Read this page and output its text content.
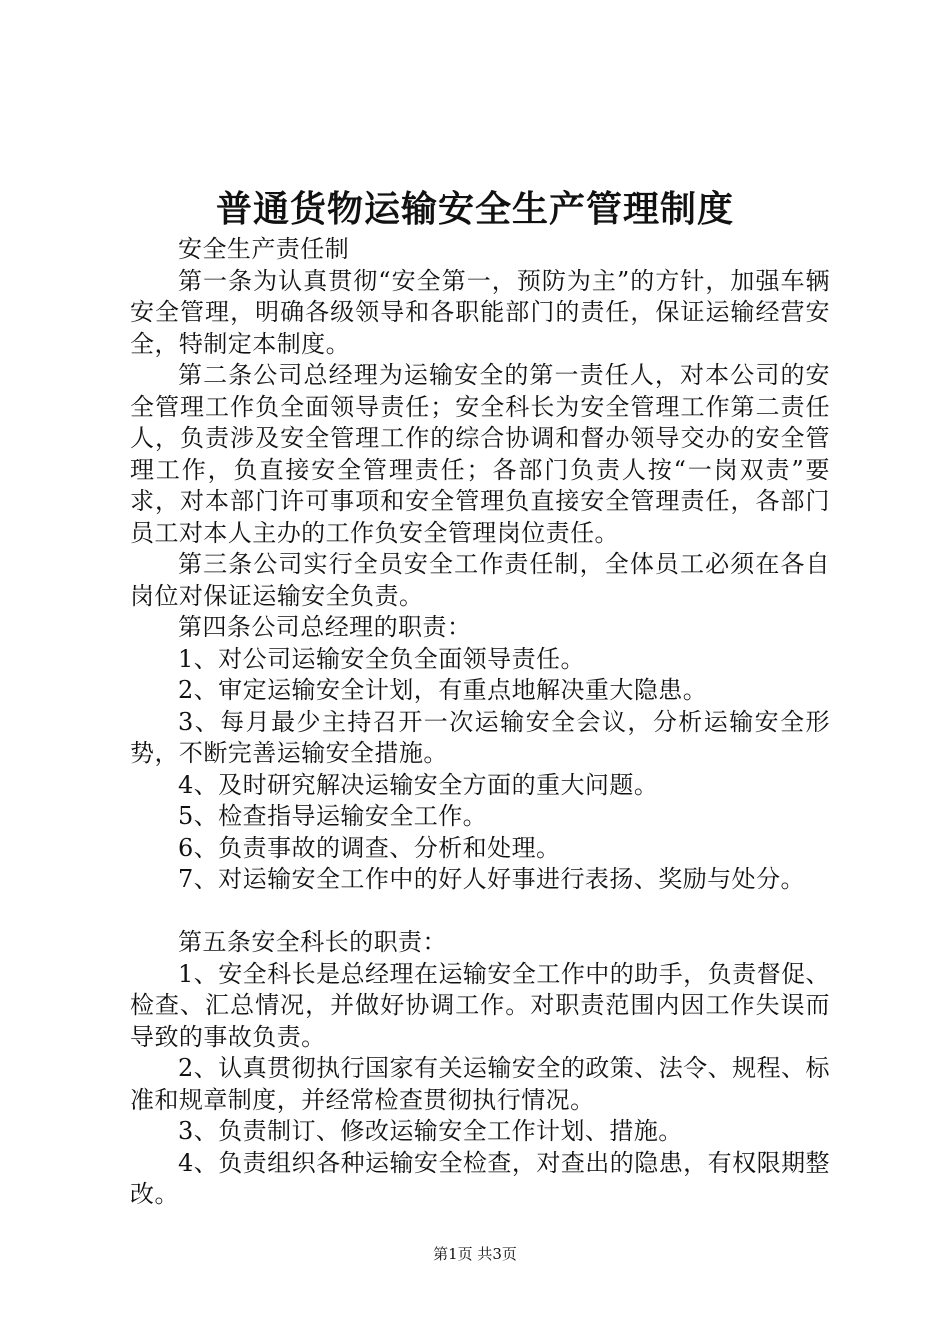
普通货物运输安全生产管理制度

安全生产责任制

第一条为认真贯彻“安全第一，预防为主”的方针，加强车辆安全管理，明确各级领导和各职能部门的责任，保证运输经营安全，特制定本制度。

第二条公司总经理为运输安全的第一责任人，对本公司的安全管理工作负全面领导责任；安全科长为安全管理工作第二责任人，负责涉及安全管理工作的综合协调和督办领导交办的安全管理工作，负直接安全管理责任；各部门负责人按“一岗双责”要求，对本部门许可事项和安全管理负直接安全管理责任，各部门员工对本人主办的工作负安全管理岗位责任。

第三条公司实行全员安全工作责任制，全体员工必须在各自岗位对保证运输安全负责。

第四条公司总经理的职责：

1、对公司运输安全负全面领导责任。

2、审定运输安全计划，有重点地解决重大隐患。

3、每月最少主持召开一次运输安全会议，分析运输安全形势，不断完善运输安全措施。

4、及时研究解决运输安全方面的重大问题。

5、检查指导运输安全工作。

6、负责事故的调查、分析和处理。

7、对运输安全工作中的好人好事进行表扬、奖励与处分。

第五条安全科长的职责：

1、安全科长是总经理在运输安全工作中的助手，负责督促、检查、汇总情况，并做好协调工作。对职责范围内因工作失误而导致的事故负责。

2、认真贯彻执行国家有关运输安全的政策、法令、规程、标准和规章制度，并经常检查贯彻执行情况。

3、负责制订、修改运输安全工作计划、措施。

4、负责组织各种运输安全检查，对查出的隐患，有权限期整改。

第1页 共3页
